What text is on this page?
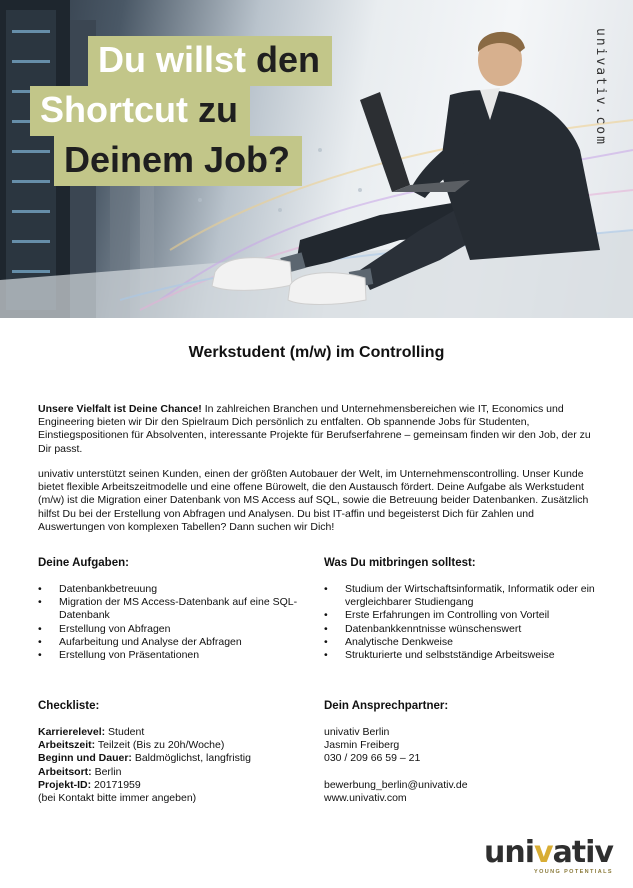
Du willst den
Shortcut zu
Deinem Job?
univativ.com
Werkstudent (m/w) im Controlling

Unsere Vielfalt ist Deine Chance! In zahlreichen Branchen und Unternehmensbereichen wie IT, Economics und Engineering bieten wir Dir den Spielraum Dich persönlich zu entfalten. Ob spannende Jobs für Studenten, Einstiegspositionen für Absolventen, interessante Projekte für Berufserfahrene – gemeinsam finden wir den Job, der zu Dir passt.

univativ unterstützt seinen Kunden, einen der größten Autobauer der Welt, im Unternehmenscontrolling. Unser Kunde bietet flexible Arbeitszeitmodelle und eine offene Bürowelt, die den Austausch fördert. Deine Aufgabe als Werkstudent (m/w) ist die Migration einer Datenbank von MS Access auf SQL, sowie die Betreuung beider Datenbanken. Zusätzlich hilfst Du bei der Erstellung von Abfragen und Analysen. Du bist IT-affin und begeisterst Dich für Zahlen und Auswertungen von komplexen Tabellen? Dann suchen wir Dich!

Deine Aufgaben:
• Datenbankbetreuung
• Migration der MS Access-Datenbank auf eine SQL-Datenbank
• Erstellung von Abfragen
• Aufarbeitung und Analyse der Abfragen
• Erstellung von Präsentationen
Was Du mitbringen solltest:
• Studium der Wirtschaftsinformatik, Informatik oder ein vergleichbarer Studiengang
• Erste Erfahrungen im Controlling von Vorteil
• Datenbankkenntnisse wünschenswert
• Analytische Denkweise
• Strukturierte und selbstständige Arbeitsweise
Checkliste:
Karrierelevel: Student
Arbeitszeit: Teilzeit (Bis zu 20h/Woche)
Beginn und Dauer: Baldmöglichst, langfristig
Arbeitsort: Berlin
Projekt-ID: 20171959
(bei Kontakt bitte immer angeben)
Dein Ansprechpartner:
univativ Berlin
Jasmin Freiberg
030 / 209 66 59 – 21
bewerbung_berlin@univativ.de
www.univativ.com
univativ
YOUNG POTENTIALS
